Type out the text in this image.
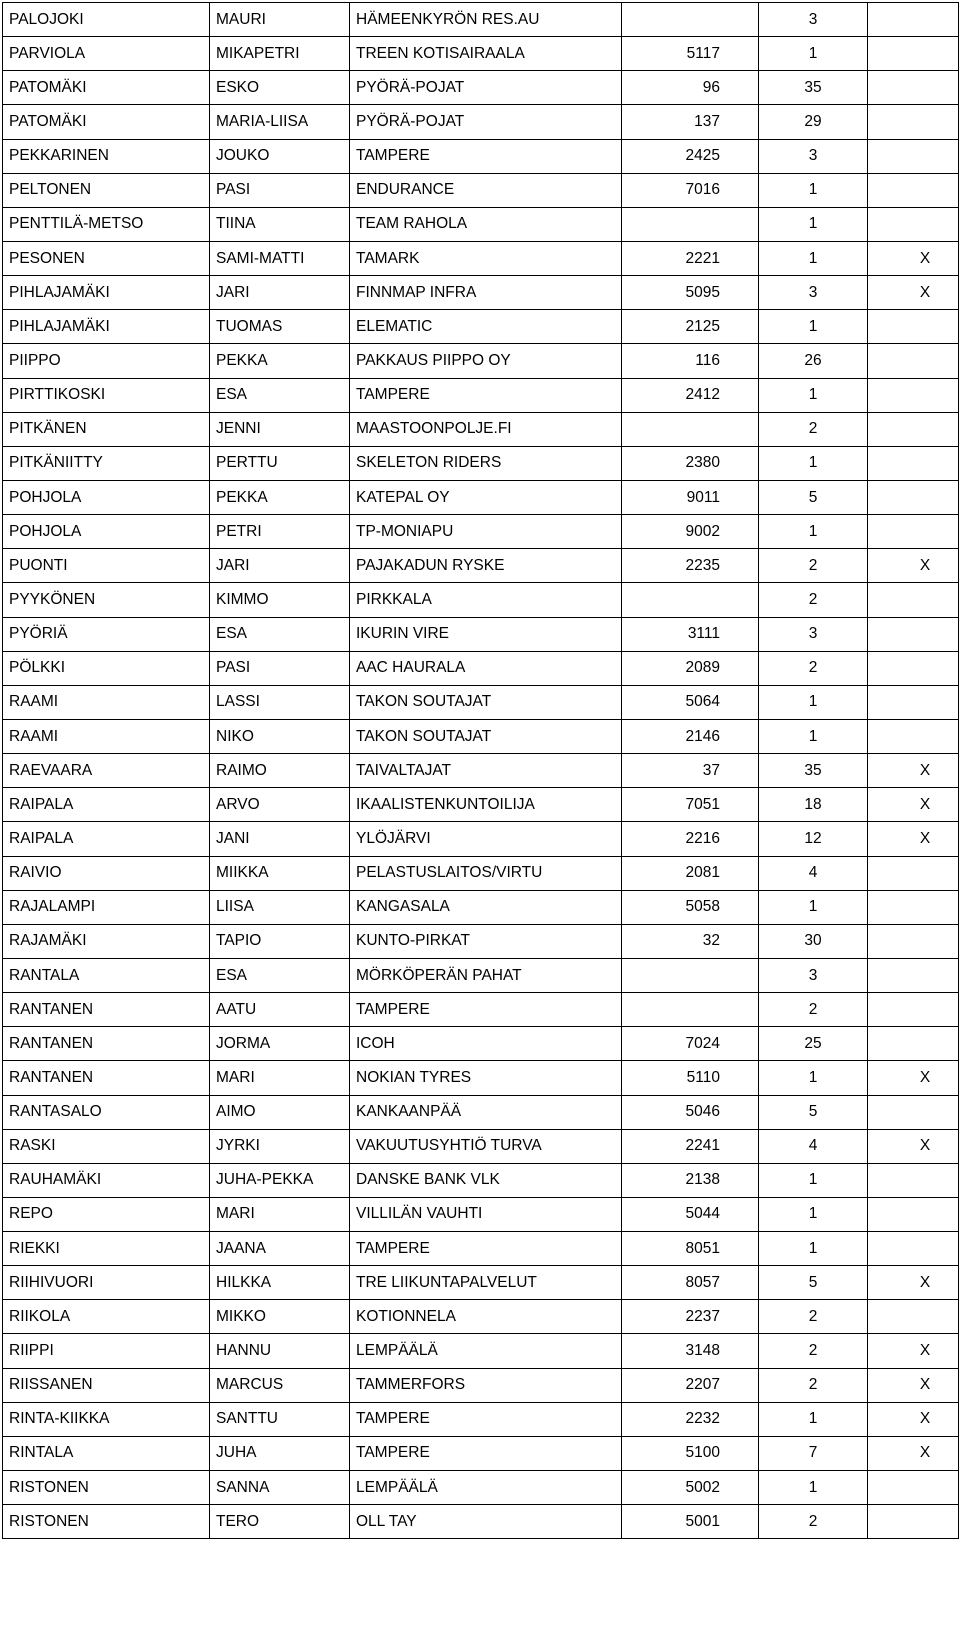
PALOJOKI	MAURI	HÄMEENKYRÖN RES.AU		3	
PARVIOLA	MIKAPETRI	TREEN KOTISAIRAALA	5117	1	
PATOMÄKI	ESKO	PYÖRÄ-POJAT	96	35	
PATOMÄKI	MARIA-LIISA	PYÖRÄ-POJAT	137	29	
PEKKARINEN	JOUKO	TAMPERE	2425	3	
PELTONEN	PASI	ENDURANCE	7016	1	
PENTTILÄ-METSO	TIINA	TEAM RAHOLA		1	
PESONEN	SAMI-MATTI	TAMARK	2221	1	X
PIHLAJAMÄKI	JARI	FINNMAP INFRA	5095	3	X
PIHLAJAMÄKI	TUOMAS	ELEMATIC	2125	1	
PIIPPO	PEKKA	PAKKAUS PIIPPO OY	116	26	
PIRTTIKOSKI	ESA	TAMPERE	2412	1	
PITKÄNEN	JENNI	MAASTOONPOLJE.FI		2	
PITKÄNIITTY	PERTTU	SKELETON RIDERS	2380	1	
POHJOLA	PEKKA	KATEPAL OY	9011	5	
POHJOLA	PETRI	TP-MONIAPU	9002	1	
PUONTI	JARI	PAJAKADUN RYSKE	2235	2	X
PYYKÖNEN	KIMMO	PIRKKALA		2	
PYÖRIÄ	ESA	IKURIN VIRE	3111	3	
PÖLKKI	PASI	AAC HAURALA	2089	2	
RAAMI	LASSI	TAKON SOUTAJAT	5064	1	
RAAMI	NIKO	TAKON SOUTAJAT	2146	1	
RAEVAARA	RAIMO	TAIVALTAJAT	37	35	X
RAIPALA	ARVO	IKAALISTENKUNTOILIJA	7051	18	X
RAIPALA	JANI	YLÖJÄRVI	2216	12	X
RAIVIO	MIIKKA	PELASTUSLAITOS/VIRTU	2081	4	
RAJALAMPI	LIISA	KANGASALA	5058	1	
RAJAMÄKI	TAPIO	KUNTO-PIRKAT	32	30	
RANTALA	ESA	MÖRKÖPERÄN PAHAT		3	
RANTANEN	AATU	TAMPERE		2	
RANTANEN	JORMA	ICOH	7024	25	
RANTANEN	MARI	NOKIAN TYRES	5110	1	X
RANTASALO	AIMO	KANKAANPÄÄ	5046	5	
RASKI	JYRKI	VAKUUTUSYHTIÖ TURVA	2241	4	X
RAUHAMÄKI	JUHA-PEKKA	DANSKE BANK VLK	2138	1	
REPO	MARI	VILLILÄN VAUHTI	5044	1	
RIEKKI	JAANA	TAMPERE	8051	1	
RIIHIVUORI	HILKKA	TRE LIIKUNTAPALVELUT	8057	5	X
RIIKOLA	MIKKO	KOTIONNELA	2237	2	
RIIPPI	HANNU	LEMPÄÄLÄ	3148	2	X
RIISSANEN	MARCUS	TAMMERFORS	2207	2	X
RINTA-KIIKKA	SANTTU	TAMPERE	2232	1	X
RINTALA	JUHA	TAMPERE	5100	7	X
RISTONEN	SANNA	LEMPÄÄLÄ	5002	1	
RISTONEN	TERO	OLL TAY	5001	2	
